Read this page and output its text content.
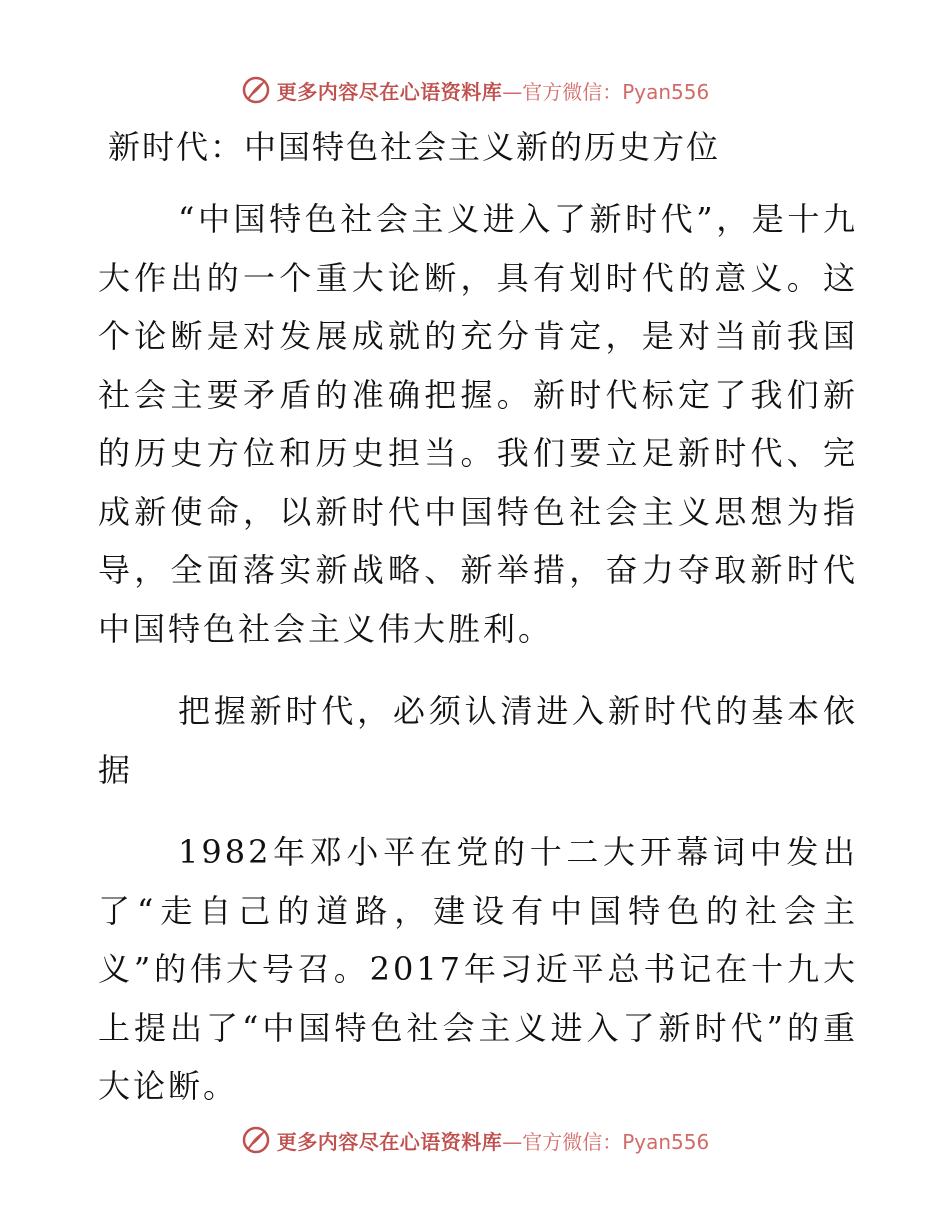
更多内容尽在心语资料库 —官方微信：Pyan556
新时代：中国特色社会主义新的历史方位

“中国特色社会主义进入了新时代”，是十九大作出的一个重大论断，具有划时代的意义。这个论断是对发展成就的充分肯定，是对当前我国社会主要矛盾的准确把握。新时代标定了我们新的历史方位和历史担当。我们要立足新时代、完成新使命，以新时代中国特色社会主义思想为指导，全面落实新战略、新举措，奋力夺取新时代中国特色社会主义伟大胜利。

把握新时代，必须认清进入新时代的基本依据

1982年邓小平在党的十二大开幕词中发出了“走自己的道路，建设有中国特色的社会主义”的伟大号召。2017年习近平总书记在十九大上提出了“中国特色社会主义进入了新时代”的重大论断。

更多内容尽在心语资料库 —官方微信：Pyan556
